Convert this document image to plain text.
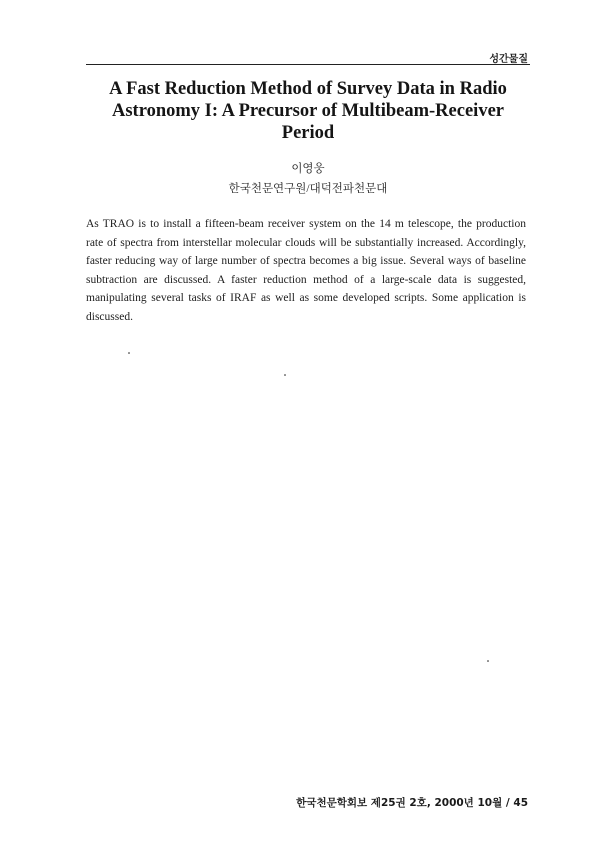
성간물질
A Fast Reduction Method of Survey Data in Radio
Astronomy I: A Precursor of Multibeam-Receiver
Period
이영웅
한국천문연구원/대덕전파천문대

As TRAO is to install a fifteen-beam receiver system on the 14 m telescope, the production rate of spectra from interstellar molecular clouds will be substantially increased. Accordingly, faster reducing way of large number of spectra becomes a big issue. Several ways of baseline subtraction are discussed. A faster reduction method of a large-scale data is suggested, manipulating several tasks of IRAF as well as some developed scripts. Some application is discussed.

한국천문학회보 제25권 2호, 2000년 10월 / 45
